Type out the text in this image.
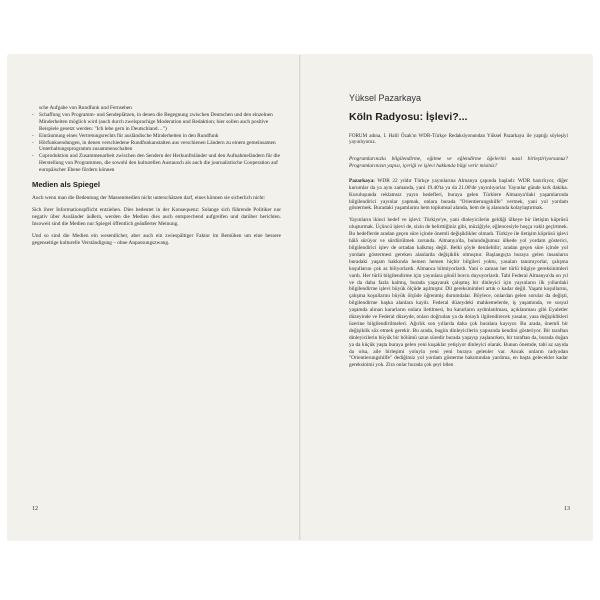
sche Aufgabe von Rundfunk und Fernsehen
- Schaffung von Programm- und Sendeplätzen, in denen die Begegnung zwischen Deutschen und den einzelnen Minderheiten möglich wird (auch durch zweisprachige Moderation und Redaktion; hier sollen auch positive Beispiele gesetzt werden: "Ich lebe gern in Deutschland…")
- Einräumung eines Vertretungsrechts für ausländische Minderheiten in den Rundfunk
- Hörfunksendungen, in denen verschiedene Rundfunkanstalten aus verschienen Ländern zu einem gemeinsamen Unterhaltungsprogramm zusammenschalten
- Coproduktion und Zusammenarbeit zwischen den Sendern der Herkunftsländer und den Aufnahmeländern für die Herstellung von Programmen, die sowohl den kulturellen Austausch als auch die journalistische Cooperation auf europäischer Ebene fördern können
Medien als Spiegel

Auch wenn man die Bedeutung der Massenmedien nicht unterschätzen darf, eines können sie sicherlich nicht:

Sich ihrer Informationspflicht entziehen. Dies bedeutet in der Konsequenz: Solange sich führende Politiker nur negativ über Ausländer äußern, werden die Medien dies auch entsprechend aufgreifen und darüber berichten. Insoweit sind die Medien nur Spiegel öffentlich geäußerter Meinung.

Und so sind die Medien ein wesentlicher, aber auch ein zwiespältiger Faktor im Bemühen um eine bessere gegenseitige kulturelle Verständigung – ohne Anpassungszwang.

12
Yüksel Pazarkaya
Köln Radyosu: İşlevi?...

FORUM adına, I. Halil Özak'ın WDR-Türkçe Redaksiyonundan Yüksel Pazarkaya ile yaptığı söyleşiyi yayınlıyoruz.

Programlarınızla bilgilendirme, eğitme ve eğlendirme öğelerini nasıl birleştiriyorsunuz? Programlarınızın yapısı, içeriği ve işlevi hakkında bilgi verir misiniz?

Pazarkaya: WDR 22 yıldır Türkçe yayınlarına Almanya çapında başladı: WDR hazırlıyor, diğer kurumlar da ya aynı zamanda, yani 19.40'ta ya da 21.00'de yayınlıyorlar. Yayınlar günde kırk dakika. Kuruluşunda reklamsız yayın hedefleri, buraya gelen Türklere Almanya'daki yaşamlarında bilgilendirici yayınlar yapmak, onlara burada "Orientierungshilfe" vermek, yani yol yordam göstermek. Buradaki yaşamlarını hem toplumsal alanda, hem de iş alanında kolaylaştırmak.

Yayınların ikinci hedef ve işlevi: Türkiye'ye, yani dinleyicilerin geldiği ülkeye bir iletişim köprüsü oluşturmak. Üçüncü işlevi de, sizin de belirttiğiniz gibi, müziğiyle, eğlencesiyle hoşça vakit geçirtmek. Bu hedeflerde aradan geçen süre içinde önemli değişiklikler olmadı. Türkiye ile iletişim köprüsü işlevi hâlâ sürüyor ve sürdürülmek zorunda. Almanya'da, bulunduğumuz ülkede yol yordam gösterici, bilgilendirici işlev de ortadan kalkmış değil. Belki şöyle denilebilir; aradan geçen süre içinde yol yordam göstermesi gereken alanlarda değişiklik olmuştur. Başlangıçta buraya gelen insanların buradaki yaşam hakkında hemen hemen hiçbir bilgileri yoktu, yasaları tanımıyorlar, çalışma koşullarını çok az biliyorlardı. Almanca bilmiyorlardı. Yani o zaman her türlü bilgiye gereksinimleri vardı. Her türlü bilgilendirme için yayınlara gönül borcu duyuyorlardı. Tabi Federal Almanya'da on yıl ve da daha fazla kalmış, burada yaşayarak çalışmış bir dinleyici için yayınların ilk yıllardaki bilgilendirme işlevi büyük ölçüde aşılmıştır. Dil gereksinimleri artık o kadar değil. Yaşam koşullarını, çalışma koşullarını büyük ölçüde öğrenmiş durumdalar. Böylece, onlardan gelen sorular da değişti, bilgilendirme başka alanlara kaydı. Federal düzeydeki mahkemelerde, iş yaşamında, ve sosyal yaşamda alınan kararların onlara iletilmesi, bu kararların aydınlatılması, açıklanması gibi Eyaletler düzeyinde ve Federal düzeyde, onları doğrudan ya da dolaylı ilgilendirecek yasalar, yasa değişiklikleri üzerine bilgilendirilmeleri. Ağırlık son yıllarda daha çok buralara kayıyor. Bu arada, önemli bir değişiklik söz etmek gerekir. Bu arada, bugün dinleyicilerin yapısında kendini gösteriyor. Bir taraftan dinleyicilerin büyük bir bölümü uzun süredir burada yaşayıp yaşlanırken, bir taraftan da, burada doğan ya da küçük yaşta buraya gelen yeni kuşaklar yetişiyor dinleyici olarak. Bunun önemde, tabi az sayıda da olsa, aile birleşimi yoluyla yeni yeni buraya gelenler var. Ancak onların radyodan "Orientierungshilfe" dediğimiz yol yordam gösterme bakımından yardıma, en başta gelecekler kadar gereksinimi yok. Zira onlar burada çok şeyi bilen

13
